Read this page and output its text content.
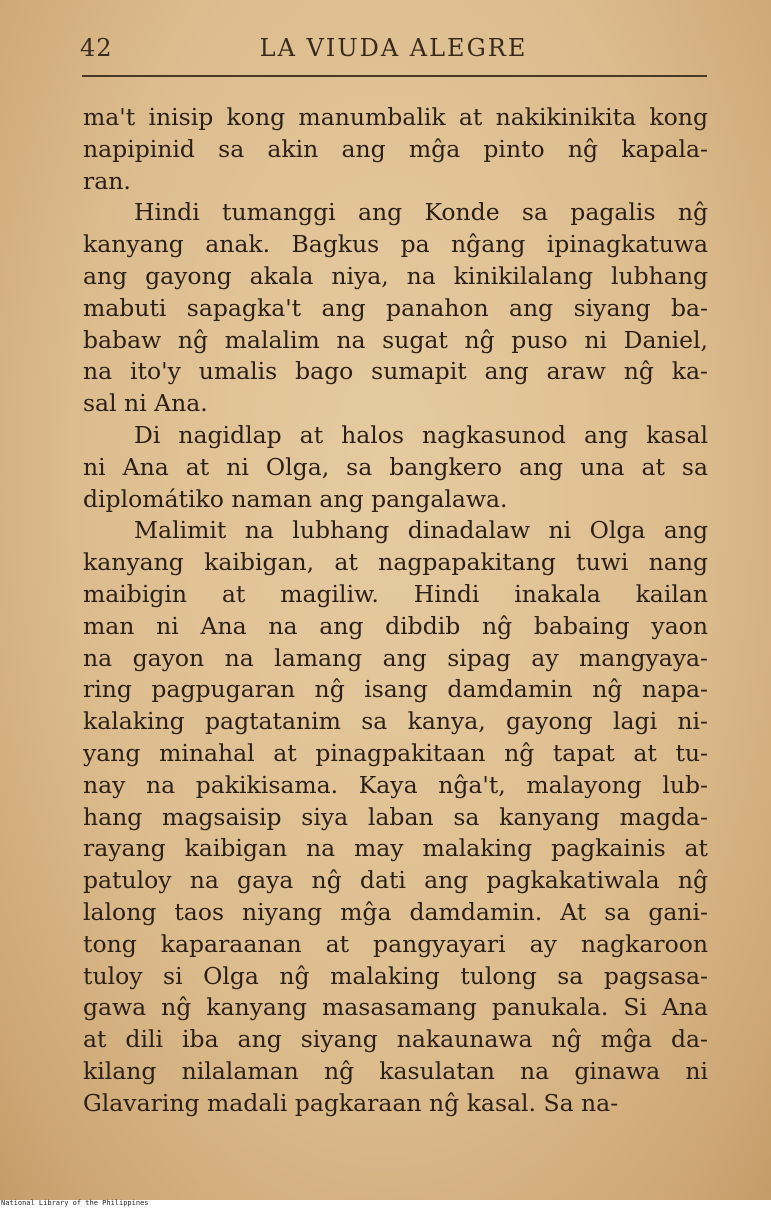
42	LA VIUDA ALEGRE
ma't inisip kong manumbalik at nakikinikita kong
napipinid sa akin ang mĝa pinto nĝ kapala-
ran.
Hindi tumanggi ang Konde sa pagalis nĝ
kanyang anak. Bagkus pa nĝang ipinagkatuwa
ang gayong akala niya, na kinikilalang lubhang
mabuti sapagka't ang panahon ang siyang ba-
babaw nĝ malalim na sugat nĝ puso ni Daniel,
na ito'y umalis bago sumapit ang araw nĝ ka-
sal ni Ana.
Di nagidlap at halos nagkasunod ang kasal
ni Ana at ni Olga, sa bangkero ang una at sa
diplomátiko naman ang pangalawa.
Malimit na lubhang dinadalaw ni Olga ang
kanyang kaibigan, at nagpapakitang tuwi nang
maibigin at magiliw. Hindi inakala kailan
man ni Ana na ang dibdib nĝ babaing yaon
na gayon na lamang ang sipag ay mangyaya-
ring pagpugaran nĝ isang damdamin nĝ napa-
kalaking pagtatanim sa kanya, gayong lagi ni-
yang minahal at pinagpakitaan nĝ tapat at tu-
nay na pakikisama. Kaya nĝa't, malayong lub-
hang magsaisip siya laban sa kanyang magda-
rayang kaibigan na may malaking pagkainis at
patuloy na gaya nĝ dati ang pagkakatiwala nĝ
lalong taos niyang mĝa damdamin. At sa gani-
tong kaparaanan at pangyayari ay nagkaroon
tuloy si Olga nĝ malaking tulong sa pagsasa-
gawa nĝ kanyang masasamang panukala. Si Ana
at dili iba ang siyang nakaunawa nĝ mĝa da-
kilang nilalaman nĝ kasulatan na ginawa ni
Glavaring madali pagkaraan nĝ kasal. Sa na-
National Library of the Philippines
